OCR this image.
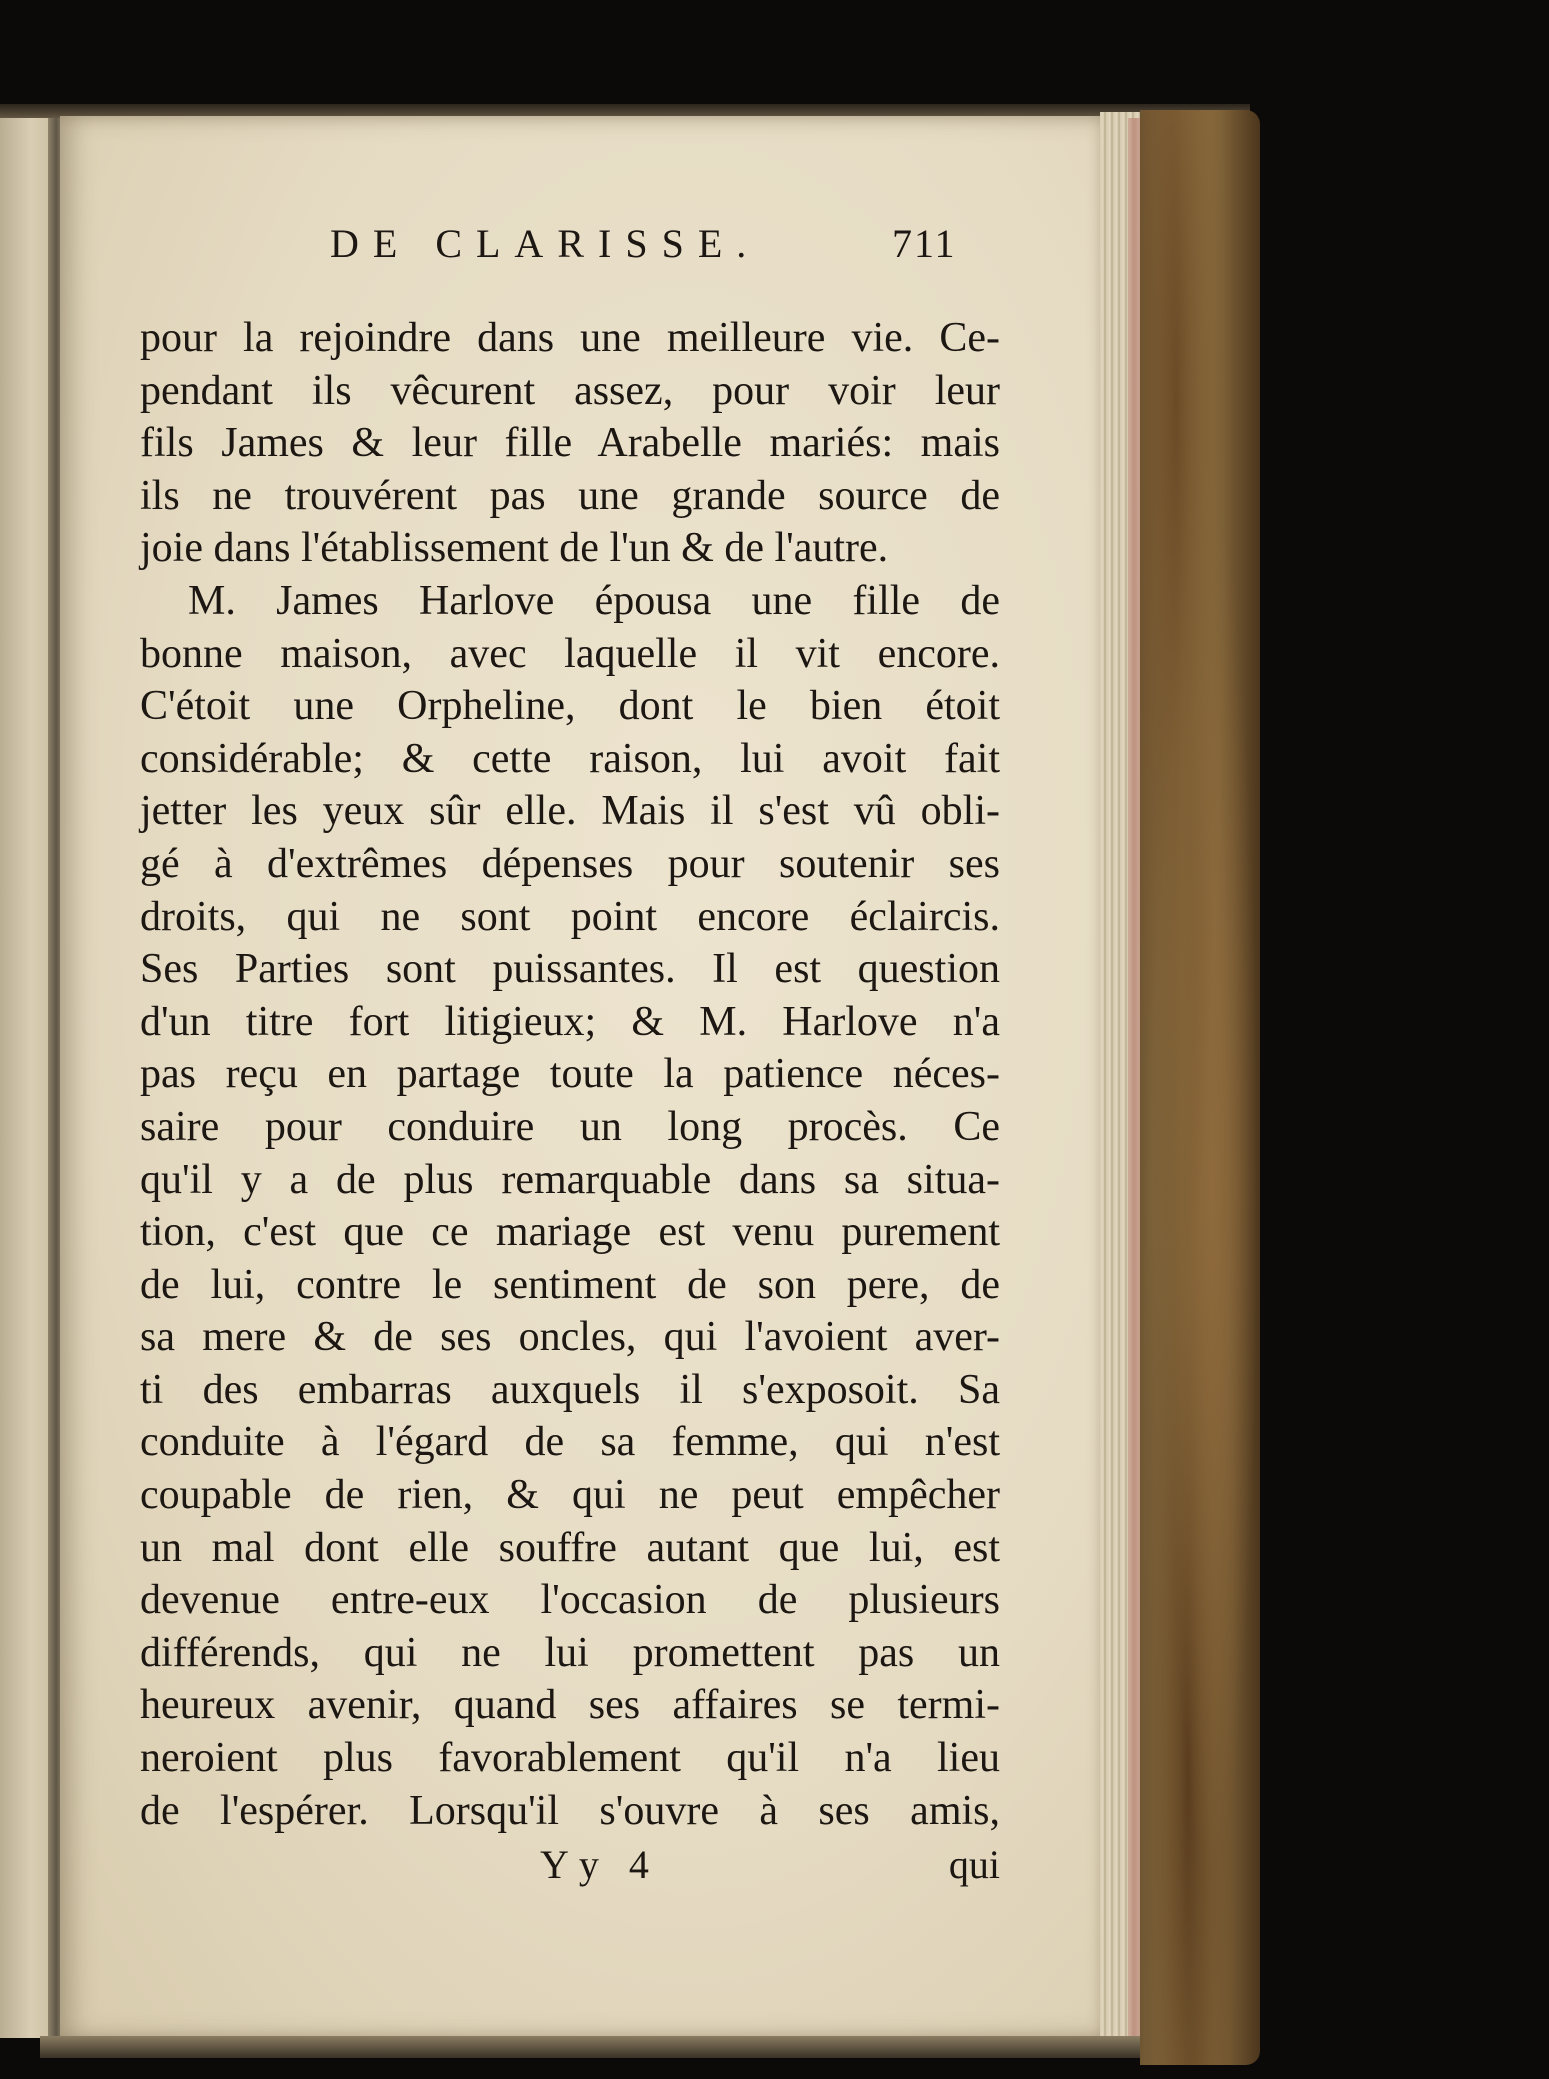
DE CLARISSE.	711
pour la rejoindre dans une meilleure vie. Ce-
pendant ils vêcurent assez, pour voir leur
fils James & leur fille Arabelle mariés: mais
ils ne trouvérent pas une grande source de
joie dans l'établissement de l'un & de l'autre.
M. James Harlove épousa une fille de
bonne maison, avec laquelle il vit encore.
C'étoit une Orpheline, dont le bien étoit
considérable; & cette raison, lui avoit fait
jetter les yeux sûr elle. Mais il s'est vû obli-
gé à d'extrêmes dépenses pour soutenir ses
droits, qui ne sont point encore éclaircis.
Ses Parties sont puissantes. Il est question
d'un titre fort litigieux; & M. Harlove n'a
pas reçu en partage toute la patience néces-
saire pour conduire un long procès. Ce
qu'il y a de plus remarquable dans sa situa-
tion, c'est que ce mariage est venu purement
de lui, contre le sentiment de son pere, de
sa mere & de ses oncles, qui l'avoient aver-
ti des embarras auxquels il s'exposoit. Sa
conduite à l'égard de sa femme, qui n'est
coupable de rien, & qui ne peut empêcher
un mal dont elle souffre autant que lui, est
devenue entre-eux l'occasion de plusieurs
différends, qui ne lui promettent pas un
heureux avenir, quand ses affaires se termi-
neroient plus favorablement qu'il n'a lieu
de l'espérer. Lorsqu'il s'ouvre à ses amis,
Yy 4	qui
